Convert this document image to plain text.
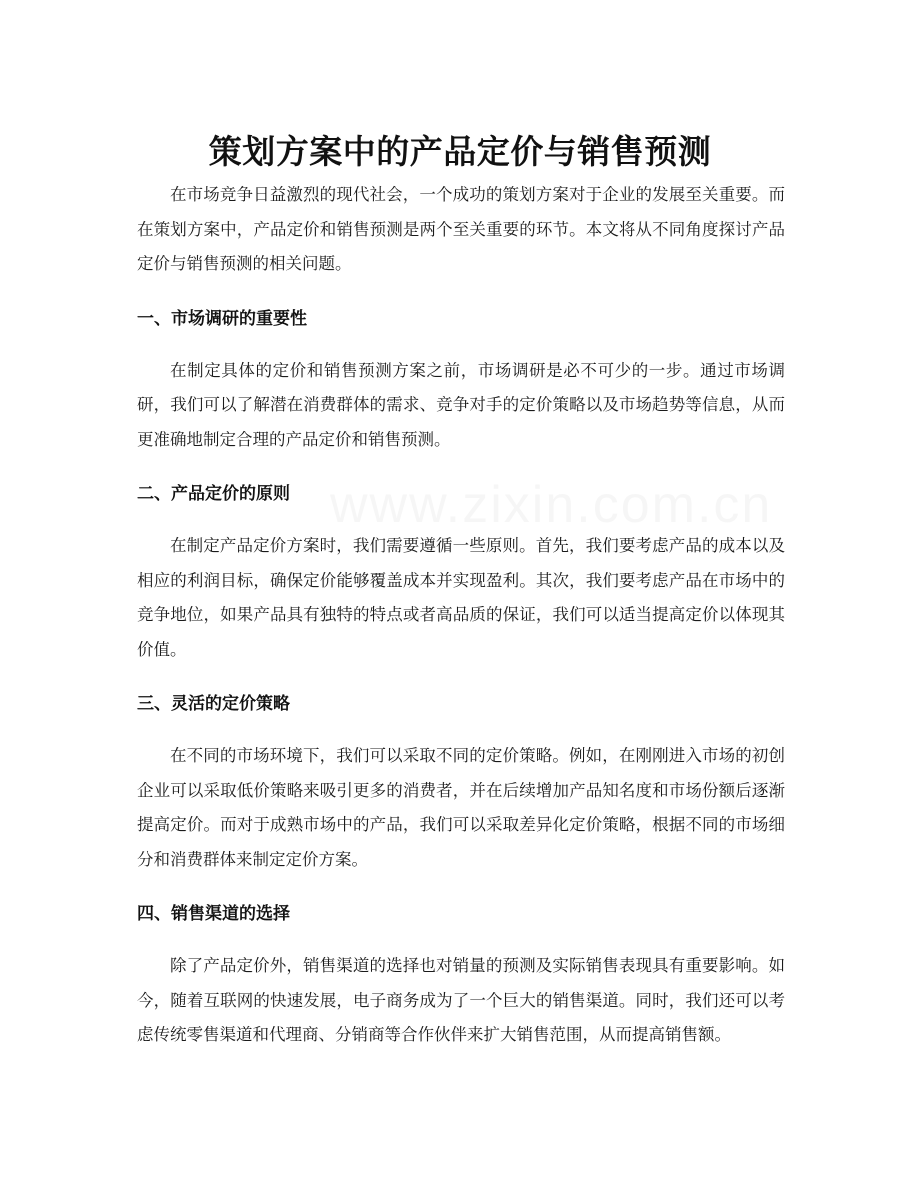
策划方案中的产品定价与销售预测

在市场竞争日益激烈的现代社会，一个成功的策划方案对于企业的发展至关重要。而在策划方案中，产品定价和销售预测是两个至关重要的环节。本文将从不同角度探讨产品定价与销售预测的相关问题。

一、市场调研的重要性

在制定具体的定价和销售预测方案之前，市场调研是必不可少的一步。通过市场调研，我们可以了解潜在消费群体的需求、竞争对手的定价策略以及市场趋势等信息，从而更准确地制定合理的产品定价和销售预测。

二、产品定价的原则

在制定产品定价方案时，我们需要遵循一些原则。首先，我们要考虑产品的成本以及相应的利润目标，确保定价能够覆盖成本并实现盈利。其次，我们要考虑产品在市场中的竞争地位，如果产品具有独特的特点或者高品质的保证，我们可以适当提高定价以体现其价值。

三、灵活的定价策略

在不同的市场环境下，我们可以采取不同的定价策略。例如，在刚刚进入市场的初创企业可以采取低价策略来吸引更多的消费者，并在后续增加产品知名度和市场份额后逐渐提高定价。而对于成熟市场中的产品，我们可以采取差异化定价策略，根据不同的市场细分和消费群体来制定定价方案。

四、销售渠道的选择

除了产品定价外，销售渠道的选择也对销量的预测及实际销售表现具有重要影响。如今，随着互联网的快速发展，电子商务成为了一个巨大的销售渠道。同时，我们还可以考虑传统零售渠道和代理商、分销商等合作伙伴来扩大销售范围，从而提高销售额。
